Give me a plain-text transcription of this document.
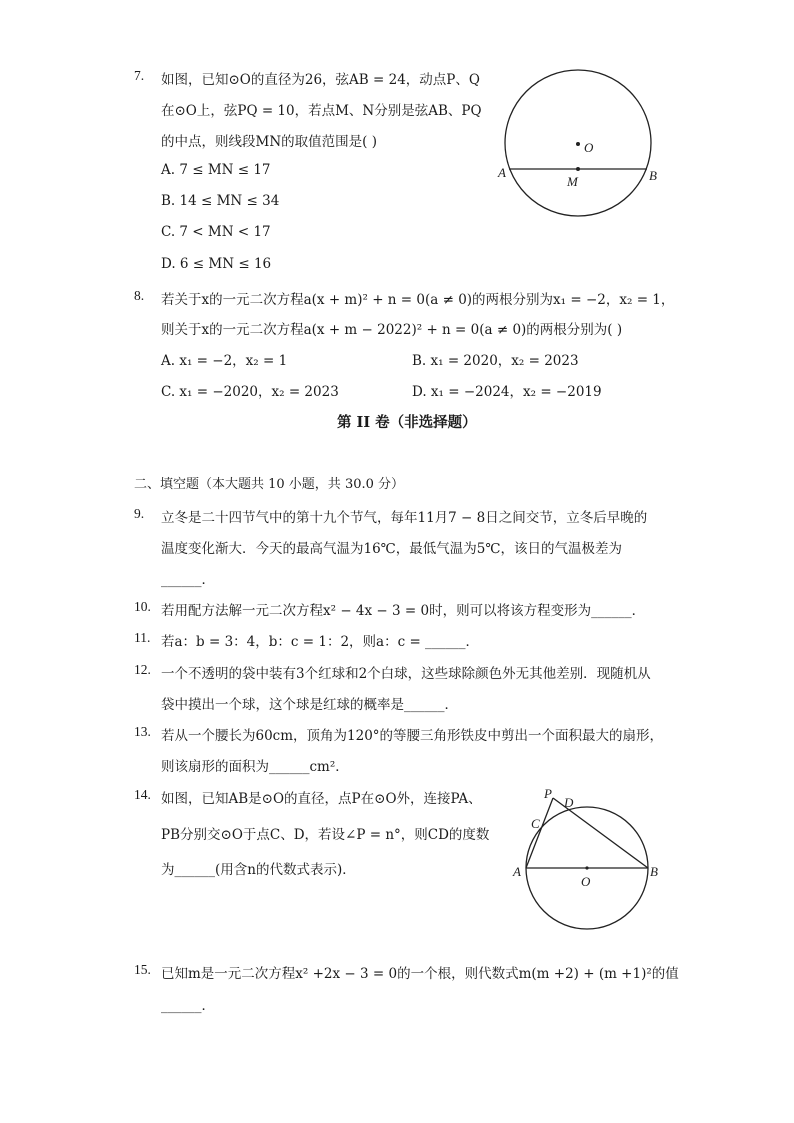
7. 如图，已知⊙O的直径为26，弦AB = 24，动点P、Q
在⊙O上，弦PQ = 10，若点M、N分别是弦AB、PQ
的中点，则线段MN的取值范围是( )
A. 7 ≤ MN ≤ 17
B. 14 ≤ MN ≤ 34
C. 7 < MN < 17
D. 6 ≤ MN ≤ 16
O
A	B
M
8. 若关于x的一元二次方程a(x + m)² + n = 0(a ≠ 0)的两根分别为x₁ = −2，x₂ = 1，
则关于x的一元二次方程a(x + m − 2022)² + n = 0(a ≠ 0)的两根分别为( )
A. x₁ = −2，x₂ = 1	B. x₁ = 2020，x₂ = 2023
C. x₁ = −2020，x₂ = 2023	D. x₁ = −2024，x₂ = −2019
第 II 卷（非选择题）
二、填空题（本大题共 10 小题，共 30.0 分）
9. 立冬是二十四节气中的第十九个节气，每年11月7 − 8日之间交节，立冬后早晚的
温度变化渐大．今天的最高气温为16℃，最低气温为5℃，该日的气温极差为
______．
10. 若用配方法解一元二次方程x² − 4x − 3 = 0时，则可以将该方程变形为______．
11. 若a：b = 3：4，b：c = 1：2，则a：c = ______．
12. 一个不透明的袋中装有3个红球和2个白球，这些球除颜色外无其他差别．现随机从
袋中摸出一个球，这个球是红球的概率是______．
13. 若从一个腰长为60cm，顶角为120°的等腰三角形铁皮中剪出一个面积最大的扇形，
则该扇形的面积为______cm²．
14. 如图，已知AB是⊙O的直径，点P在⊙O外，连接PA、
PB分别交⊙O于点C、D，若设∠P = n°，则CD的度数
为______(用含n的代数式表示)．
P
D
C
A
O
B
15. 已知m是一元二次方程x² +2x − 3 = 0的一个根，则代数式m(m +2) + (m +1)²的值
______．
